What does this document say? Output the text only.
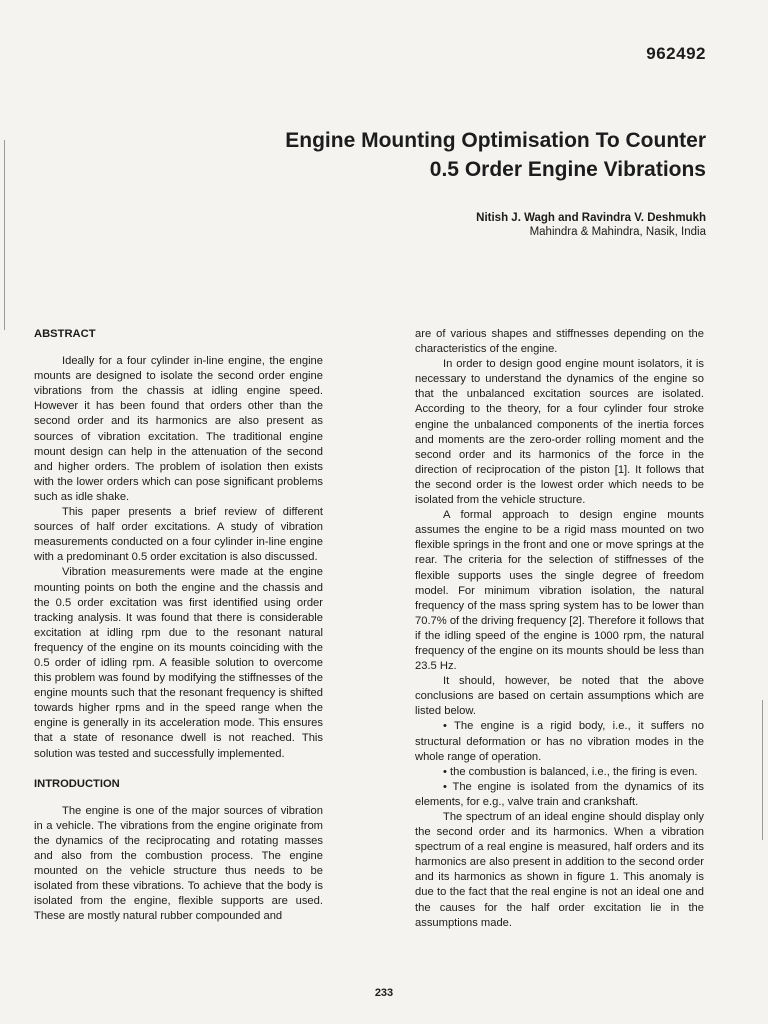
962492
Engine Mounting Optimisation To Counter
0.5 Order Engine Vibrations
Nitish J. Wagh and Ravindra V. Deshmukh
Mahindra & Mahindra, Nasik, India
ABSTRACT

Ideally for a four cylinder in-line engine, the engine mounts are designed to isolate the second order engine vibrations from the chassis at idling engine speed. However it has been found that orders other than the second order and its harmonics are also present as sources of vibration excitation. The traditional engine mount design can help in the attenuation of the second and higher orders. The problem of isolation then exists with the lower orders which can pose significant problems such as idle shake.

This paper presents a brief review of different sources of half order excitations. A study of vibration measurements conducted on a four cylinder in-line engine with a predominant 0.5 order excitation is also discussed.

Vibration measurements were made at the engine mounting points on both the engine and the chassis and the 0.5 order excitation was first identified using order tracking analysis. It was found that there is considerable excitation at idling rpm due to the resonant natural frequency of the engine on its mounts coinciding with the 0.5 order of idling rpm. A feasible solution to overcome this problem was found by modifying the stiffnesses of the engine mounts such that the resonant frequency is shifted towards higher rpms and in the speed range when the engine is generally in its acceleration mode. This ensures that a state of resonance dwell is not reached. This solution was tested and successfully implemented.

INTRODUCTION

The engine is one of the major sources of vibration in a vehicle. The vibrations from the engine originate from the dynamics of the reciprocating and rotating masses and also from the combustion process. The engine mounted on the vehicle structure thus needs to be isolated from these vibrations. To achieve that the body is isolated from the engine, flexible supports are used. These are mostly natural rubber compounded and

are of various shapes and stiffnesses depending on the characteristics of the engine.

In order to design good engine mount isolators, it is necessary to understand the dynamics of the engine so that the unbalanced excitation sources are isolated. According to the theory, for a four cylinder four stroke engine the unbalanced components of the inertia forces and moments are the zero-order rolling moment and the second order and its harmonics of the force in the direction of reciprocation of the piston [1]. It follows that the second order is the lowest order which needs to be isolated from the vehicle structure.

A formal approach to design engine mounts assumes the engine to be a rigid mass mounted on two flexible springs in the front and one or move springs at the rear. The criteria for the selection of stiffnesses of the flexible supports uses the single degree of freedom model. For minimum vibration isolation, the natural frequency of the mass spring system has to be lower than 70.7% of the driving frequency [2]. Therefore it follows that if the idling speed of the engine is 1000 rpm, the natural frequency of the engine on its mounts should be less than 23.5 Hz.

It should, however, be noted that the above conclusions are based on certain assumptions which are listed below.

• The engine is a rigid body, i.e., it suffers no structural deformation or has no vibration modes in the whole range of operation.

• the combustion is balanced, i.e., the firing is even.

• The engine is isolated from the dynamics of its elements, for e.g., valve train and crankshaft.

The spectrum of an ideal engine should display only the second order and its harmonics. When a vibration spectrum of a real engine is measured, half orders and its harmonics are also present in addition to the second order and its harmonics as shown in figure 1. This anomaly is due to the fact that the real engine is not an ideal one and the causes for the half order excitation lie in the assumptions made.

233
